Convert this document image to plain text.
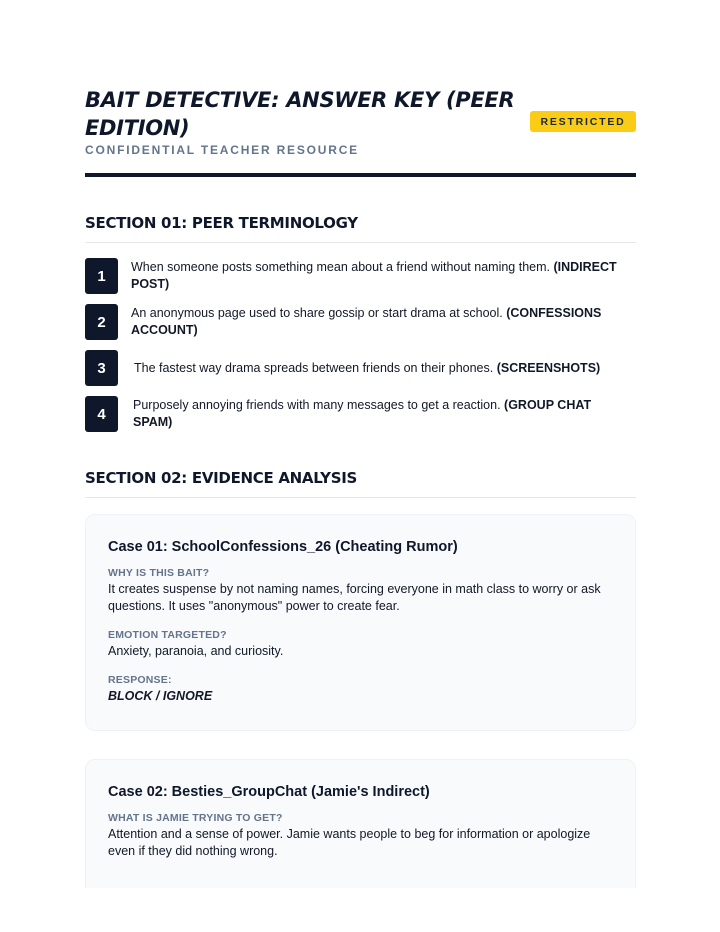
BAIT DETECTIVE: ANSWER KEY (PEER EDITION)	RESTRICTED
CONFIDENTIAL TEACHER RESOURCE
SECTION 01: PEER TERMINOLOGY
1
When someone posts something mean about a friend without naming them. (INDIRECT POST)
2
An anonymous page used to share gossip or start drama at school. (CONFESSIONS ACCOUNT)
3	The fastest way drama spreads between friends on their phones. (SCREENSHOTS)
4
Purposely annoying friends with many messages to get a reaction. (GROUP CHAT SPAM)
SECTION 02: EVIDENCE ANALYSIS
Case 01: SchoolConfessions_26 (Cheating Rumor)
WHY IS THIS BAIT?
It creates suspense by not naming names, forcing everyone in math class to worry or ask questions. It uses "anonymous" power to create fear.
EMOTION TARGETED?
Anxiety, paranoia, and curiosity.
RESPONSE:
BLOCK / IGNORE
Case 02: Besties_GroupChat (Jamie's Indirect)
WHAT IS JAMIE TRYING TO GET?
Attention and a sense of power. Jamie wants people to beg for information or apologize even if they did nothing wrong.
